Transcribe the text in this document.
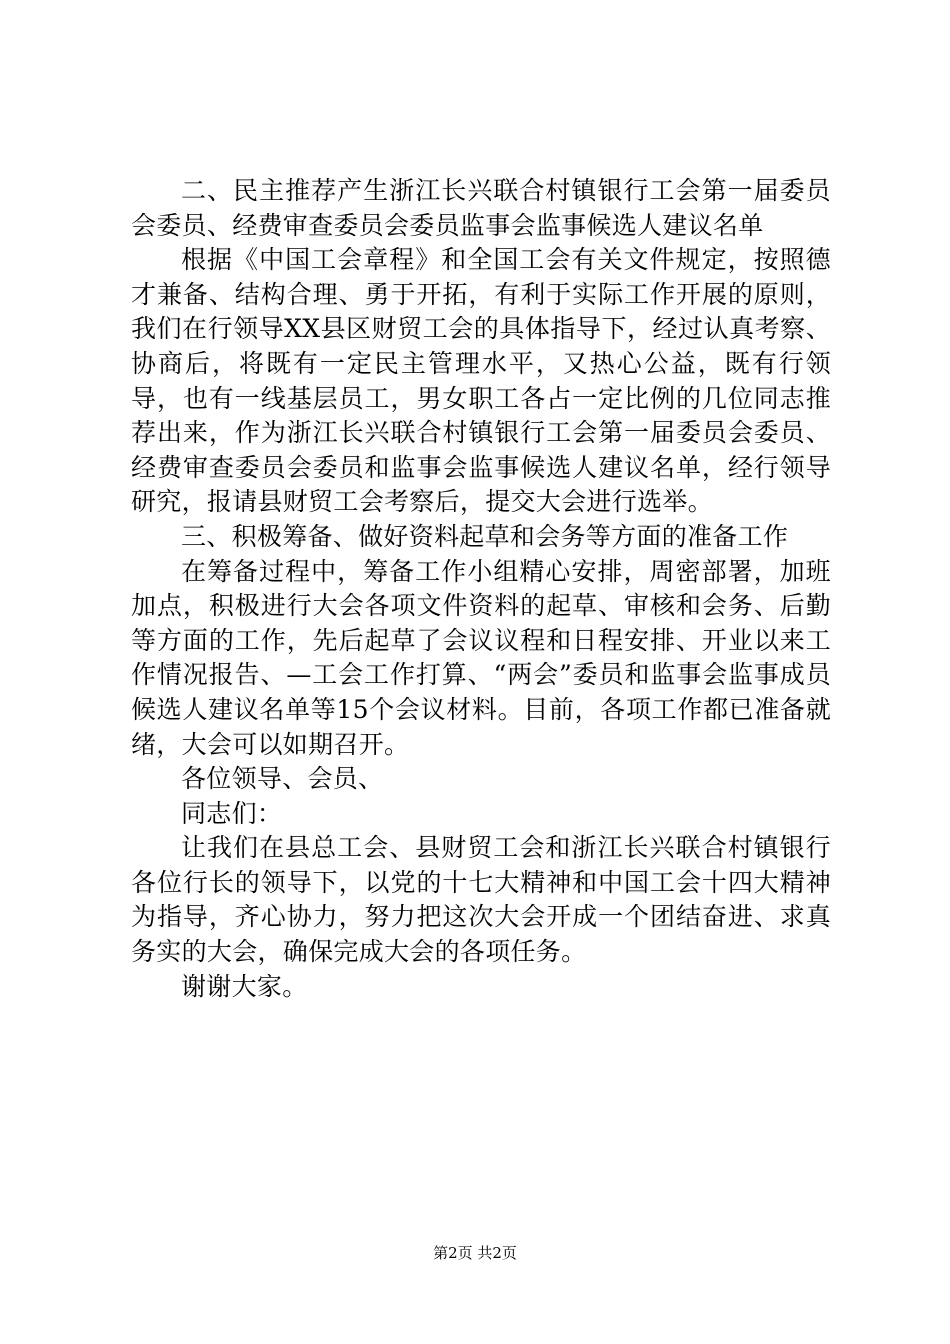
二、民主推荐产生浙江长兴联合村镇银行工会第一届委员会委员、经费审查委员会委员监事会监事候选人建议名单

根据《中国工会章程》和全国工会有关文件规定，按照德才兼备、结构合理、勇于开拓，有利于实际工作开展的原则，我们在行领导XX县区财贸工会的具体指导下，经过认真考察、协商后，将既有一定民主管理水平，又热心公益，既有行领导，也有一线基层员工，男女职工各占一定比例的几位同志推荐出来，作为浙江长兴联合村镇银行工会第一届委员会委员、经费审查委员会委员和监事会监事候选人建议名单，经行领导研究，报请县财贸工会考察后，提交大会进行选举。

三、积极筹备、做好资料起草和会务等方面的准备工作

在筹备过程中，筹备工作小组精心安排，周密部署，加班加点，积极进行大会各项文件资料的起草、审核和会务、后勤等方面的工作，先后起草了会议议程和日程安排、开业以来工作情况报告、—工会工作打算、“两会”委员和监事会监事成员候选人建议名单等15个会议材料。目前，各项工作都已准备就绪，大会可以如期召开。

各位领导、会员、

同志们：

让我们在县总工会、县财贸工会和浙江长兴联合村镇银行各位行长的领导下，以党的十七大精神和中国工会十四大精神为指导，齐心协力，努力把这次大会开成一个团结奋进、求真务实的大会，确保完成大会的各项任务。

谢谢大家。

第2页 共2页
